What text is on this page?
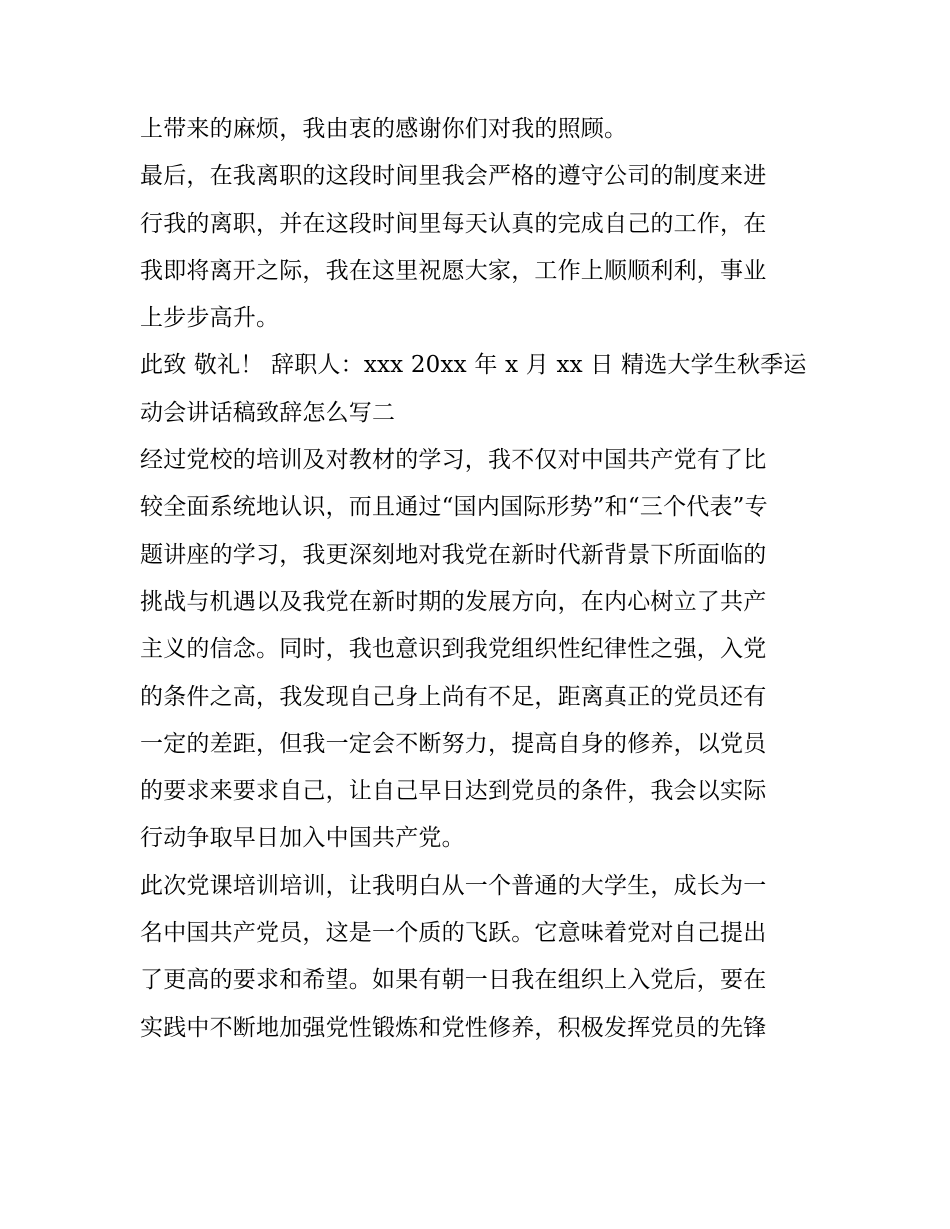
上带来的麻烦，我由衷的感谢你们对我的照顾。
最后，在我离职的这段时间里我会严格的遵守公司的制度来进
行我的离职，并在这段时间里每天认真的完成自己的工作，在
我即将离开之际，我在这里祝愿大家，工作上顺顺利利，事业
上步步高升。
此致 敬礼！ 辞职人：xxx 20xx 年 x 月 xx 日 精选大学生秋季运
动会讲话稿致辞怎么写二
经过党校的培训及对教材的学习，我不仅对中国共产党有了比
较全面系统地认识，而且通过“国内国际形势”和“三个代表”专
题讲座的学习，我更深刻地对我党在新时代新背景下所面临的
挑战与机遇以及我党在新时期的发展方向，在内心树立了共产
主义的信念。同时，我也意识到我党组织性纪律性之强，入党
的条件之高，我发现自己身上尚有不足，距离真正的党员还有
一定的差距，但我一定会不断努力，提高自身的修养，以党员
的要求来要求自己，让自己早日达到党员的条件，我会以实际
行动争取早日加入中国共产党。
此次党课培训培训，让我明白从一个普通的大学生，成长为一
名中国共产党员，这是一个质的飞跃。它意味着党对自己提出
了更高的要求和希望。如果有朝一日我在组织上入党后，要在
实践中不断地加强党性锻炼和党性修养，积极发挥党员的先锋
